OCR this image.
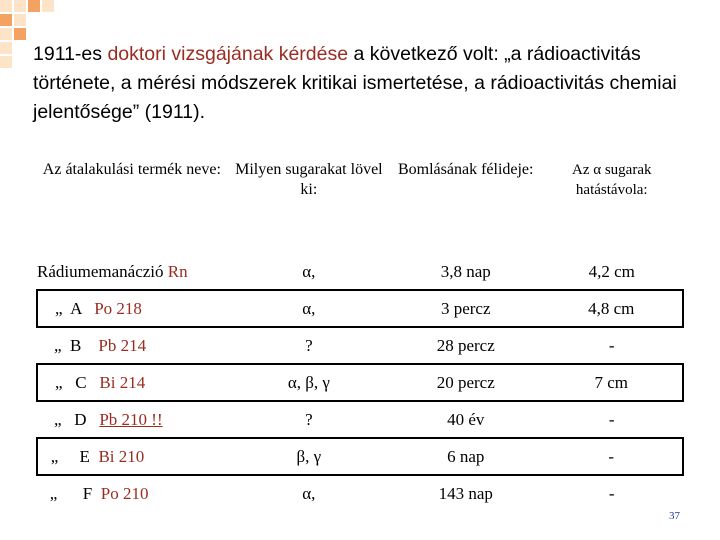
1911-es doktori vizsgájának kérdése a következő volt: „a rádioactivitás története, a mérési módszerek kritikai ismertetése, a rádioactivitás chemiai jelentősége” (1911).
Az átalakulási termék neve:	Milyen sugarakat lövel ki:	Bomlásának félideje:	Az α sugarak hatástávola:
Rádiumemanáczió Rn	α,	3,8 nap	4,2 cm
„  A   Po 218	α,	3 percz	4,8 cm
„  B    Pb 214	?	28 percz	-
„   C   Bi 214	α, β, γ	20 percz	7 cm
„   D   Pb 210 !!	?	40 év	-
„     E  Bi 210	β, γ	6 nap	-
„      F  Po 210	α,	143 nap	-
37
